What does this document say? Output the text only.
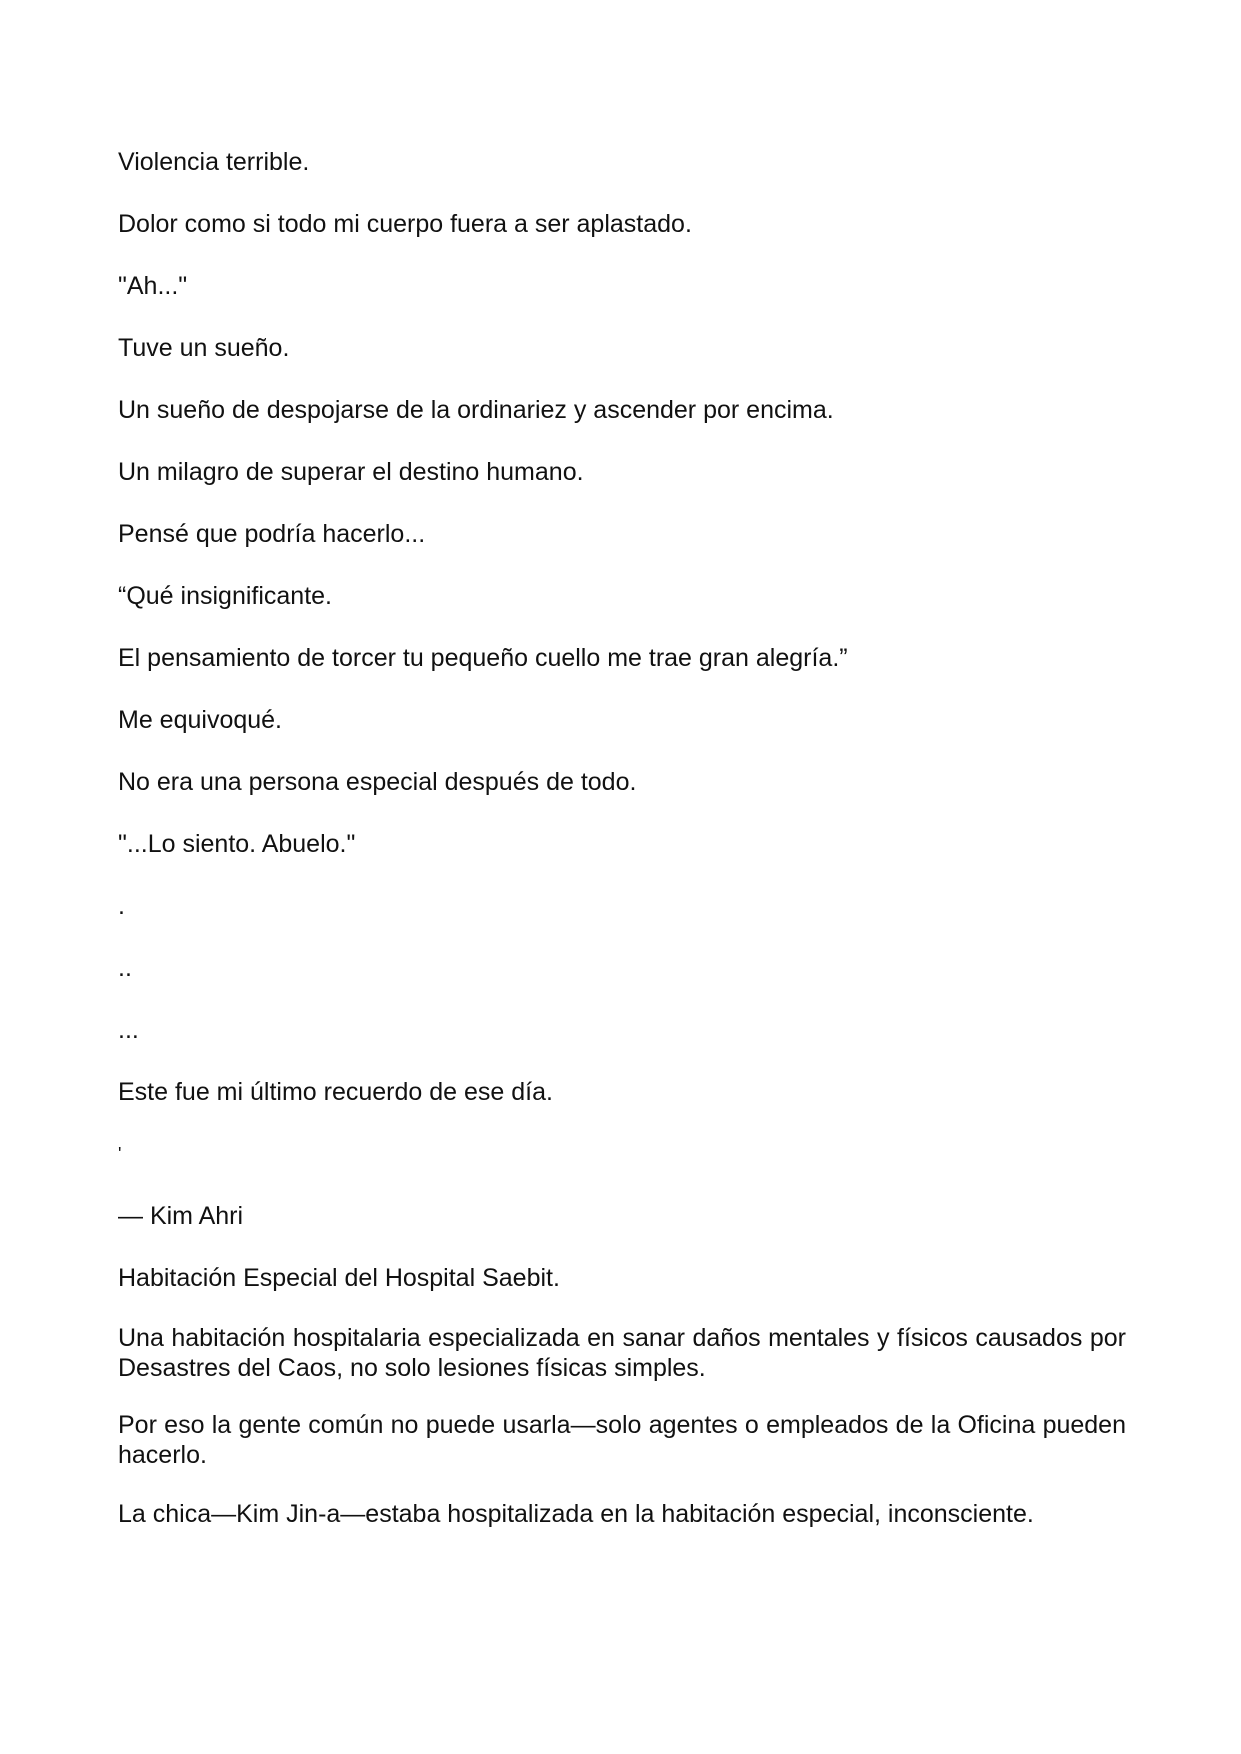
Violencia terrible.

Dolor como si todo mi cuerpo fuera a ser aplastado.

"Ah..."

Tuve un sueño.

Un sueño de despojarse de la ordinariez y ascender por encima.

Un milagro de superar el destino humano.

Pensé que podría hacerlo...

“Qué insignificante.

El pensamiento de torcer tu pequeño cuello me trae gran alegría.”

Me equivoqué.

No era una persona especial después de todo.

"...Lo siento. Abuelo."

.

..

...

Este fue mi último recuerdo de ese día.

'

— Kim Ahri

Habitación Especial del Hospital Saebit.

Una habitación hospitalaria especializada en sanar daños mentales y físicos causados por Desastres del Caos, no solo lesiones físicas simples.

Por eso la gente común no puede usarla—solo agentes o empleados de la Oficina pueden hacerlo.

La chica—Kim Jin-a—estaba hospitalizada en la habitación especial, inconsciente.
